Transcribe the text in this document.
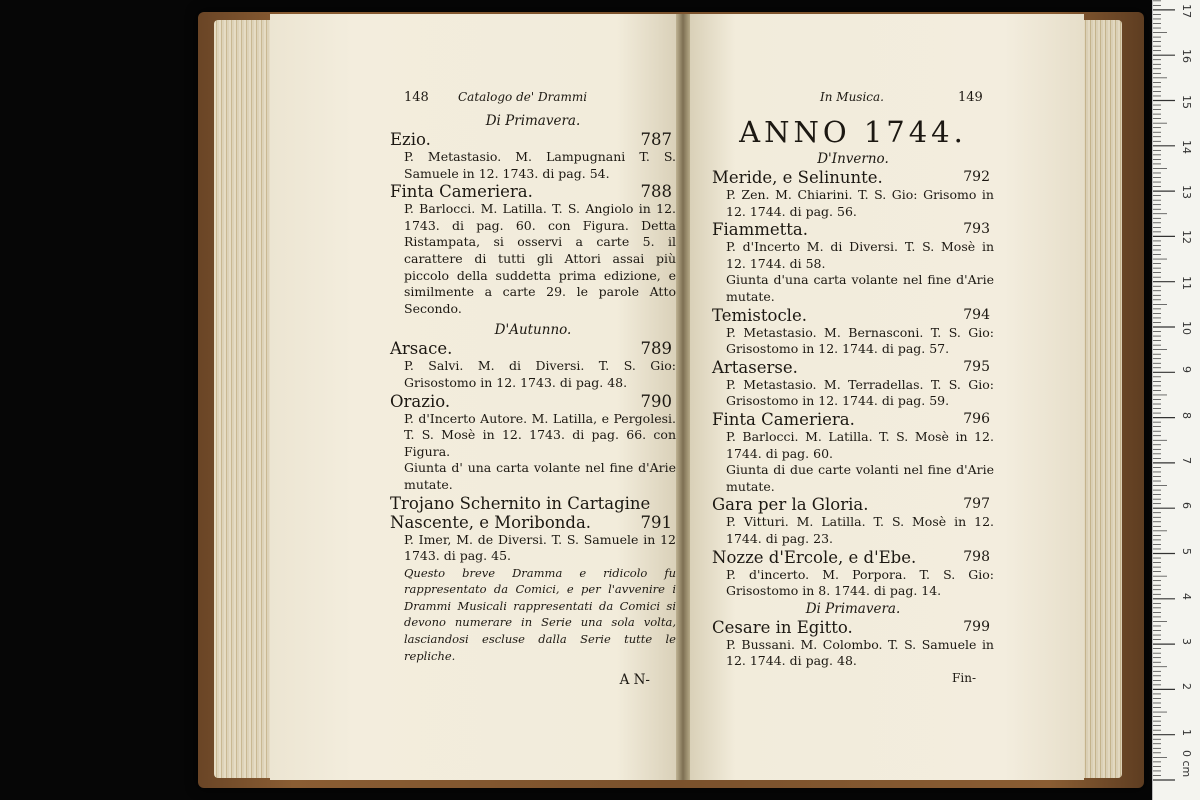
148 Catalogo de' Drammi	In Musica.	149
Di Primavera.
Ezio.	787
P. Metastasio. M. Lampugnani T. S. Samuele in 12. 1743. di pag. 54.
Finta Cameriera.	788
P. Barlocci. M. Latilla. T. S. Angiolo in 12. 1743. di pag. 60. con Figura. Detta Ristampata, si osservi a carte 5. il carattere di tutti gli Attori assai più piccolo della suddetta prima edizione, e similmente a carte 29. le parole Atto Secondo.
D'Autunno.
Arsace.	789
P. Salvi. M. di Diversi. T. S. Gio: Grisostomo in 12. 1743. di pag. 48.
Orazio.	790
P. d'Incerto Autore. M. Latilla, e Pergolesi. T. S. Mosè in 12. 1743. di pag. 66. con Figura.
Giunta d' una carta volante nel fine d'Arie mutate.
Trojano Schernito in Cartagine Nascente, e Moribonda.	791
P. Imer, M. de Diversi. T. S. Samuele in 12 1743. di pag. 45.
Questo breve Dramma e ridicolo fu rappresentato da Comici, e per l'avvenire i Drammi Musicali rappresentati da Comici si devono numerare in Serie una sola volta, lasciandosi escluse dalla Serie tutte le repliche.
A N-
ANNO 1744.
D'Inverno.
Meride, e Selinunte.	792
P. Zen. M. Chiarini. T. S. Gio: Grisomo in 12. 1744. di pag. 56.
Fiammetta.	793
P. d'Incerto M. di Diversi. T. S. Mosè in 12. 1744. di 58.
Giunta d'una carta volante nel fine d'Arie mutate.
Temistocle.	794
P. Metastasio. M. Bernasconi. T. S. Gio: Grisostomo in 12. 1744. di pag. 57.
Artaserse.	795
P. Metastasio. M. Terradellas. T. S. Gio: Grisostomo in 12. 1744. di pag. 59.
Finta Cameriera.	796
P. Barlocci. M. Latilla. T. S. Mosè in 12. 1744. di pag. 60.
Giunta di due carte volanti nel fine d'Arie mutate.
Gara per la Gloria.	797
P. Vitturi. M. Latilla. T. S. Mosè in 12. 1744. di pag. 23.
Nozze d'Ercole, e d'Ebe.	798
P. d'incerto. M. Porpora. T. S. Gio: Grisostomo in 8. 1744. di pag. 14.
Di Primavera.
Cesare in Egitto.	799
P. Bussani. M. Colombo. T. S. Samuele in 12. 1744. di pag. 48.
Fin-
0 cm
1
2
3
4
5
6
7
8
9
10
11
12
13
14
15
16
17
